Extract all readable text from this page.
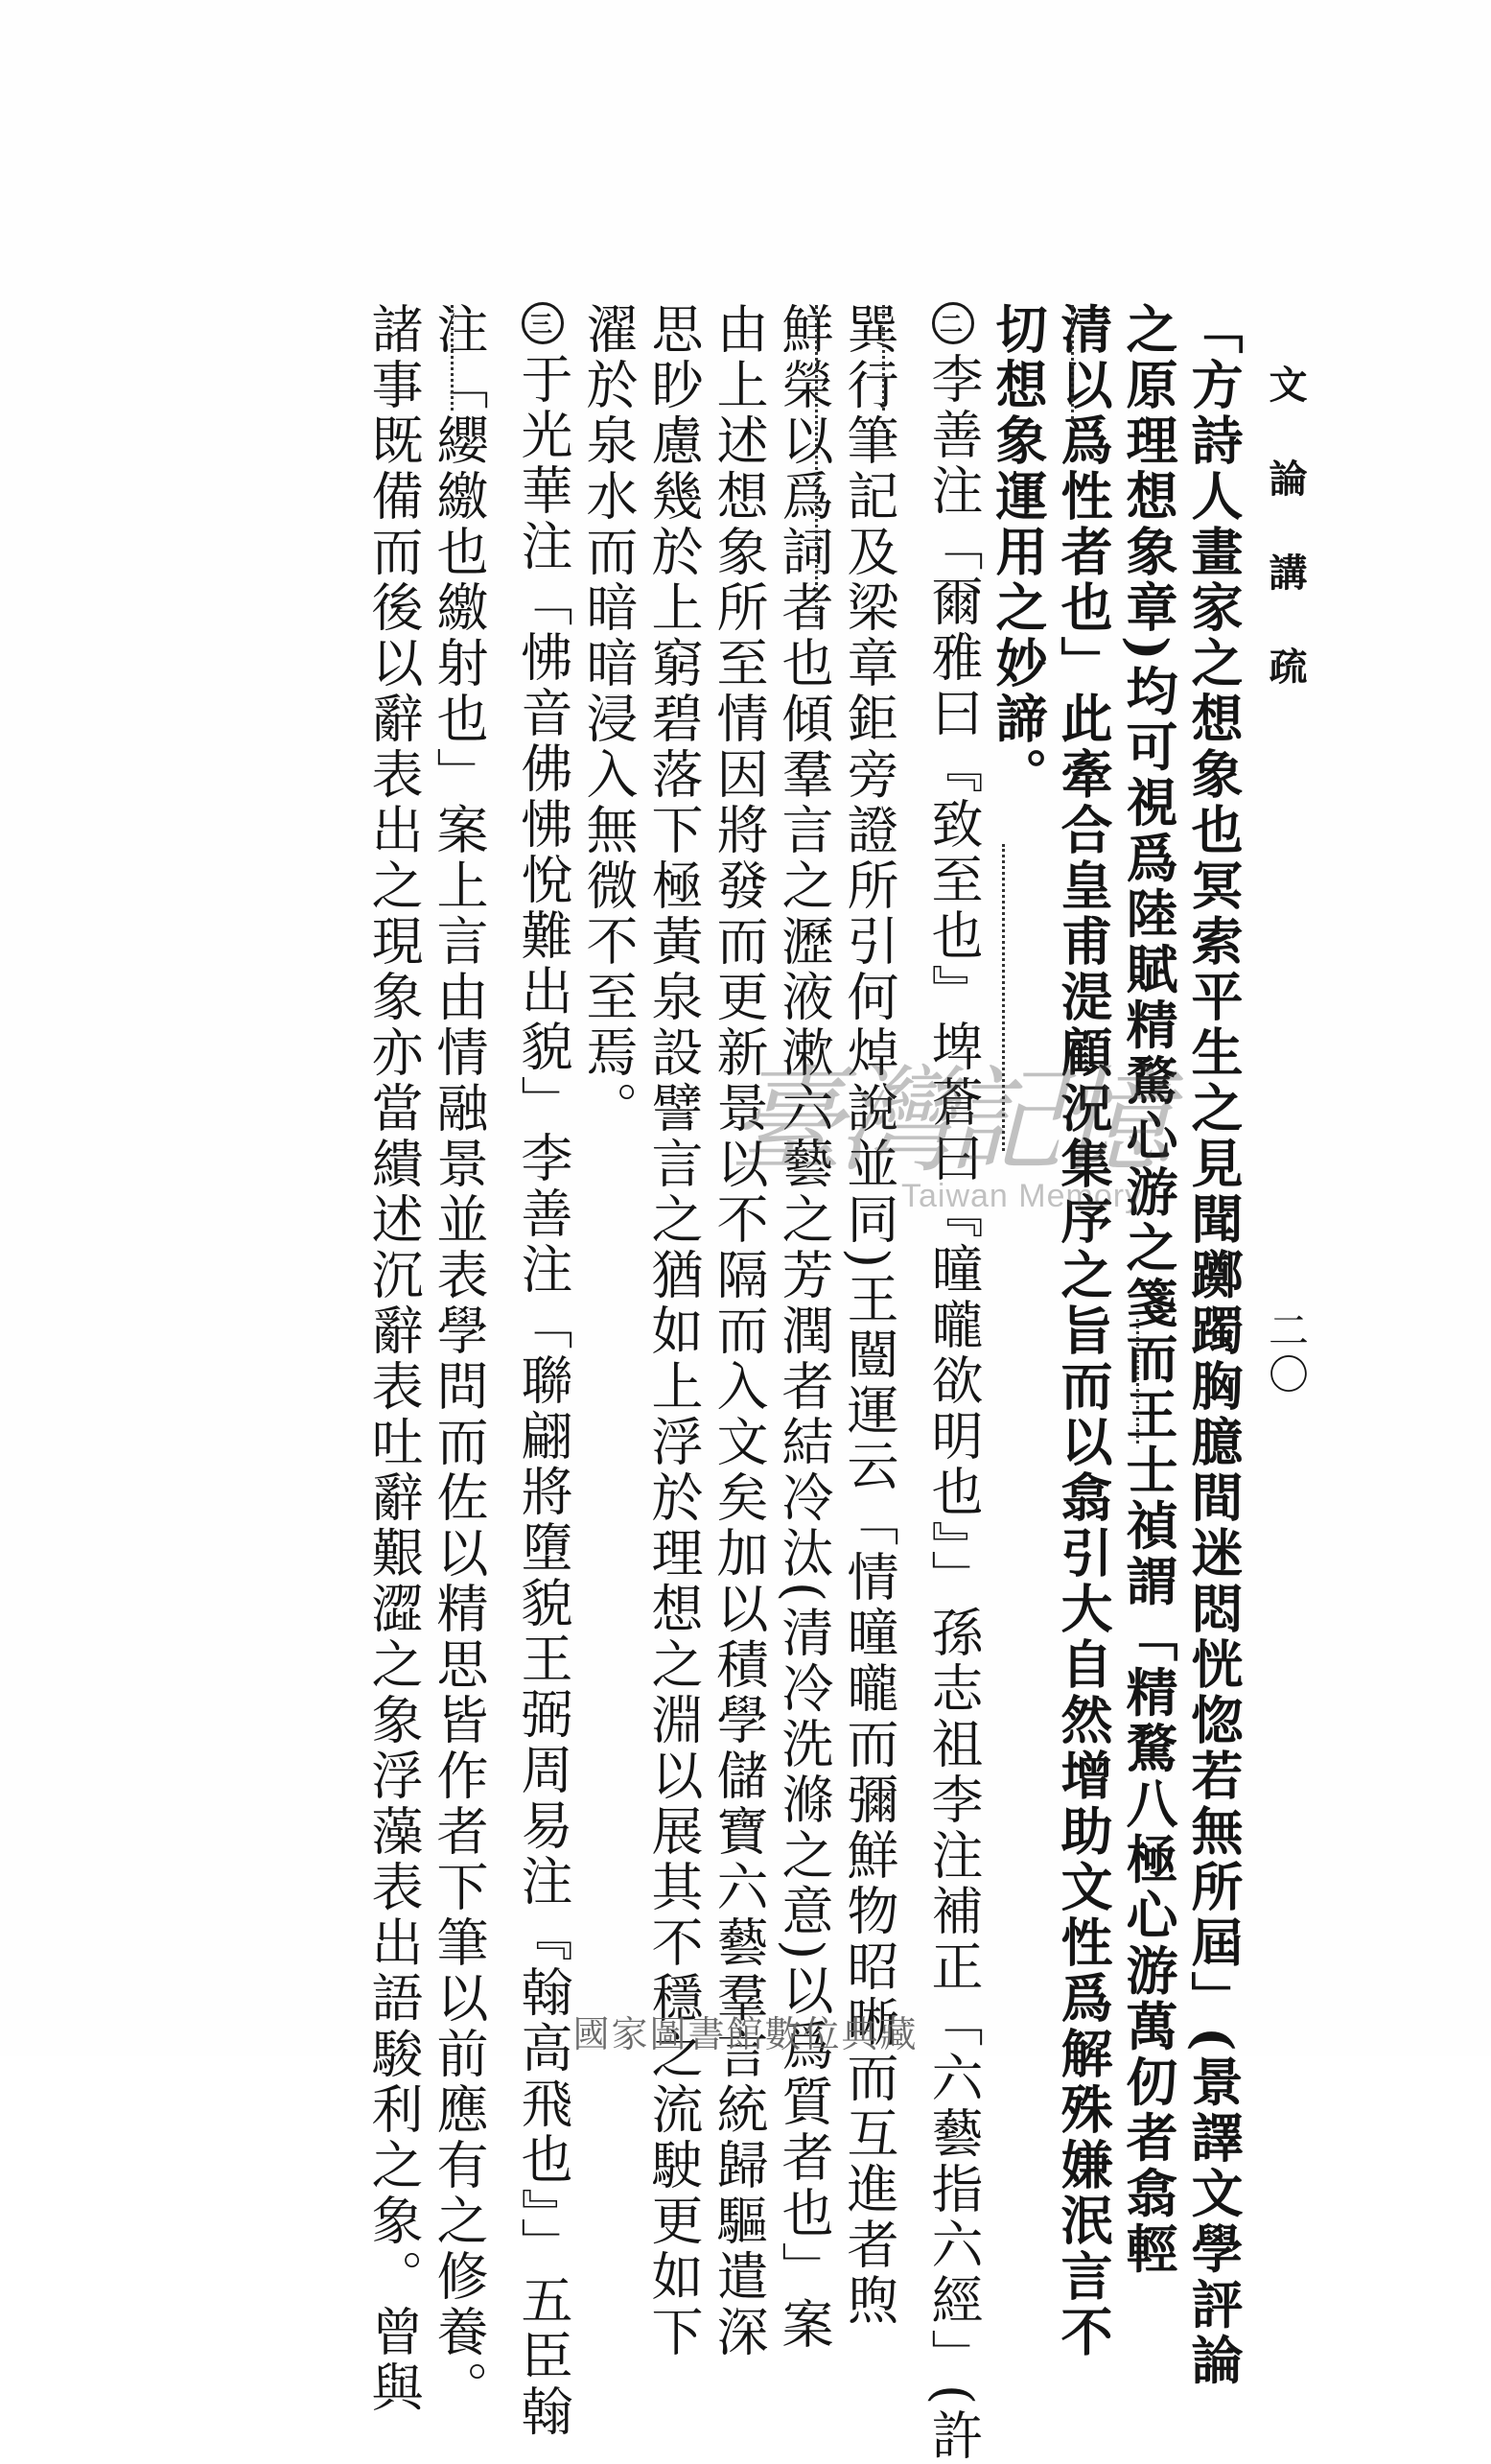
文論講疏
二〇
「方詩人畫家之想象也冥索平生之見聞躑躅胸臆間迷悶恍惚若無所屆」(景譯文學評論
之原理想象章)均可視爲陸賦精騖心游之箋而王士禎謂「精騖八極心游萬仞者翕輕
清以爲性者也」此牽合皇甫湜顧況集序之旨而以翕引大自然增助文性爲解殊嫌泯言不
切想象運用之妙諦。
二李善注「爾雅曰『致至也』埤蒼曰『曈曨欲明也』」孫志祖李注補正「六藝指六經」(許
巽行筆記及梁章鉅旁證所引何焯說並同)王闓運云「情曈曨而彌鮮物昭晰而互進者煦
鮮榮以爲詞者也傾羣言之瀝液漱六藝之芳潤者結冷汰(清冷洗滌之意)以爲質者也」案
由上述想象所至情因將發而更新景以不隔而入文矣加以積學儲寶六藝羣言統歸驅遣深
思眇慮幾於上窮碧落下極黃泉設譬言之猶如上浮於理想之淵以展其不穩之流駛更如下
濯於泉水而暗暗浸入無微不至焉。
三于光華注「怫音佛怫悅難出貌」李善注「聯翩將墮貌王弼周易注『翰高飛也』」五臣翰
注「纓繳也繳射也」案上言由情融景並表學問而佐以精思皆作者下筆以前應有之修養。
諸事既備而後以辭表出之現象亦當繢述沉辭表吐辭艱澀之象浮藻表出語駿利之象。曾與	臺灣記憶
Taiwan Memory
國家圖書館數位典藏
